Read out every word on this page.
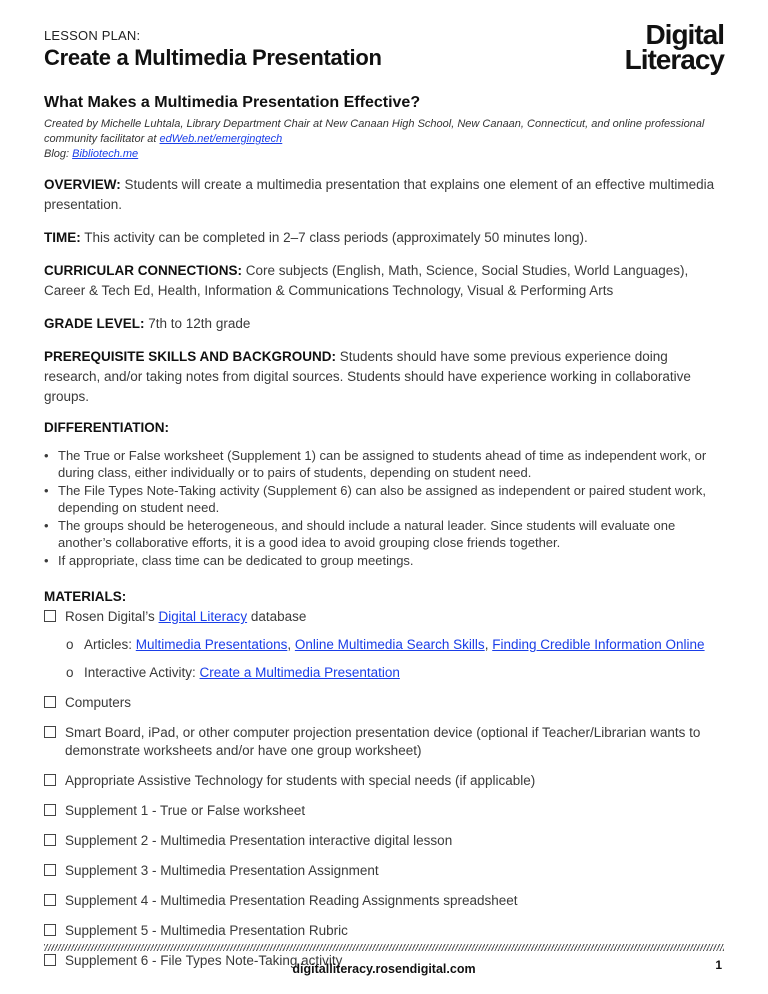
LESSON PLAN:
Create a Multimedia Presentation
Digital
Literacy
What Makes a Multimedia Presentation Effective?
Created by Michelle Luhtala, Library Department Chair at New Canaan High School, New Canaan, Connecticut, and online professional community facilitator at edWeb.net/emergingtech
Blog: Bibliotech.me
OVERVIEW: Students will create a multimedia presentation that explains one element of an effective multimedia presentation.
TIME: This activity can be completed in 2–7 class periods (approximately 50 minutes long).
CURRICULAR CONNECTIONS: Core subjects (English, Math, Science, Social Studies, World Languages), Career & Tech Ed, Health, Information & Communications Technology, Visual & Performing Arts
GRADE LEVEL: 7th to 12th grade
PREREQUISITE SKILLS AND BACKGROUND: Students should have some previous experience doing research, and/or taking notes from digital sources. Students should have experience working in collaborative groups.
DIFFERENTIATION:
• The True or False worksheet (Supplement 1) can be assigned to students ahead of time as independent work, or during class, either individually or to pairs of students, depending on student need.
• The File Types Note-Taking activity (Supplement 6) can also be assigned as independent or paired student work, depending on student need.
• The groups should be heterogeneous, and should include a natural leader. Since students will evaluate one another’s collaborative efforts, it is a good idea to avoid grouping close friends together.
• If appropriate, class time can be dedicated to group meetings.
MATERIALS:
Rosen Digital’s Digital Literacy database
o Articles: Multimedia Presentations, Online Multimedia Search Skills, Finding Credible Information Online
o Interactive Activity: Create a Multimedia Presentation
Computers
Smart Board, iPad, or other computer projection presentation device (optional if Teacher/Librarian wants to demonstrate worksheets and/or have one group worksheet)
Appropriate Assistive Technology for students with special needs (if applicable)
Supplement 1 - True or False worksheet
Supplement 2 - Multimedia Presentation interactive digital lesson
Supplement 3 - Multimedia Presentation Assignment
Supplement 4 - Multimedia Presentation Reading Assignments spreadsheet
Supplement 5 - Multimedia Presentation Rubric
Supplement 6 - File Types Note-Taking activity
digitalliteracy.rosendigital.com	1
